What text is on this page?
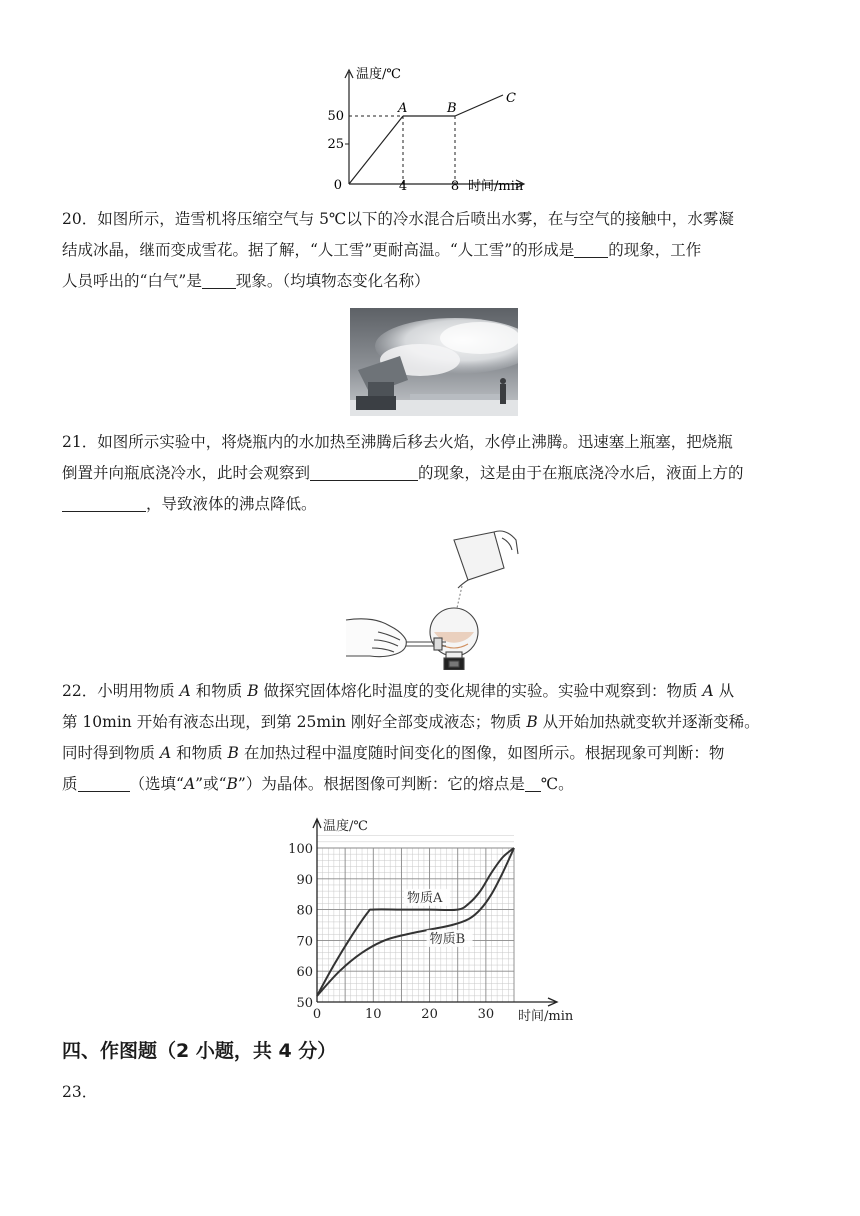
温度/℃
0
50
25
4	8 时间/min
A	B
C
20．如图所示，造雪机将压缩空气与 5℃以下的冷水混合后喷出水雾，在与空气的接触中，水雾凝
结成冰晶，继而变成雪花。据了解，“人工雪”更耐高温。“人工雪”的形成是 的现象，工作
人员呼出的“白气”是 现象。（均填物态变化名称）
21．如图所示实验中，将烧瓶内的水加热至沸腾后移去火焰，水停止沸腾。迅速塞上瓶塞，把烧瓶
倒置并向瓶底浇冷水，此时会观察到	的现象，这是由于在瓶底浇冷水后，液面上方的
，导致液体的沸点降低。
22．小明用物质 A 和物质 B 做探究固体熔化时温度的变化规律的实验。实验中观察到：物质 A 从
第 10min 开始有液态出现，到第 25min 刚好全部变成液态；物质 B 从开始加热就变软并逐渐变稀。
同时得到物质 A 和物质 B 在加热过程中温度随时间变化的图像，如图所示。根据现象可判断：物
质	（选填“A”或“B”）为晶体。根据图像可判断：它的熔点是 ℃。
50
60
70
80
90
100
0	10	20	30
温度/℃
时间/min
物质A
物质B
四、作图题（2 小题，共 4 分）
23．
